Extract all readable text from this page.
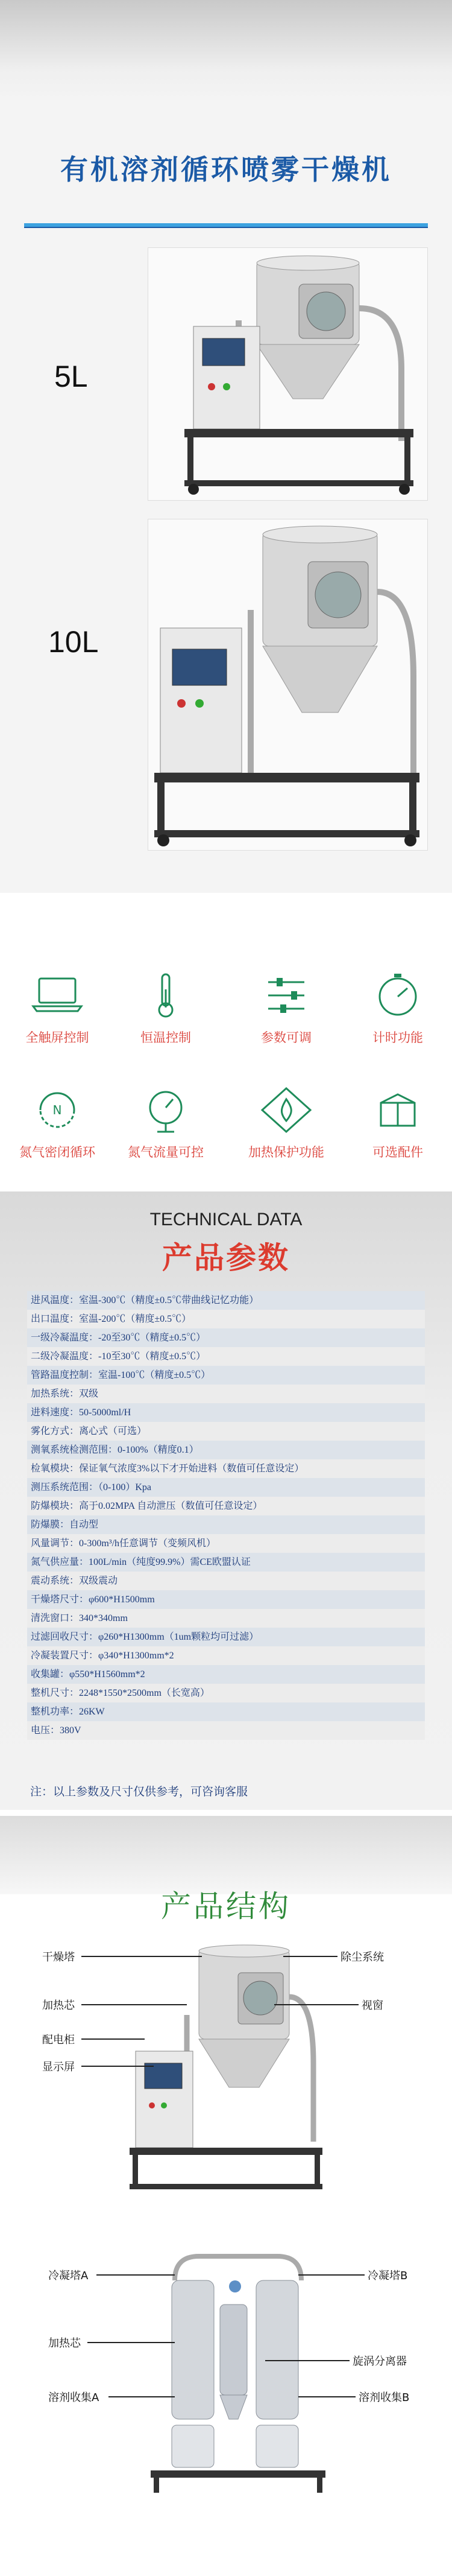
有机溶剂循环喷雾干燥机
5L
10L
全触屏控制	恒温控制	参数可调	计时功能
N
氮气密闭循环	氮气流量可控	加热保护功能	可选配件
TECHNICAL DATA
产品参数
进风温度：室温-300℃（精度±0.5℃带曲线记忆功能）
出口温度：室温-200℃（精度±0.5℃）
一级冷凝温度：-20至30℃（精度±0.5℃）
二级冷凝温度：-10至30℃（精度±0.5℃）
管路温度控制：室温-100℃（精度±0.5℃）
加热系统：双级
进料速度：50-5000ml/H
雾化方式：离心式（可选）
测氧系统检测范围：0-100%（精度0.1）
检氧模块：保证氧气浓度3%以下才开始进料（数值可任意设定）
测压系统范围：（0-100）Kpa
防爆模块：高于0.02MPA 自动泄压（数值可任意设定）
防爆膜：自动型
风量调节：0-300m³/h任意调节（变频风机）
氮气供应量：100L/min（纯度99.9%）需CE欧盟认证
震动系统：双级震动
干燥塔尺寸：φ600*H1500mm
清洗窗口：340*340mm
过滤回收尺寸：φ260*H1300mm（1um颗粒均可过滤）
冷凝装置尺寸：φ340*H1300mm*2
收集罐：φ550*H1560mm*2
整机尺寸：2248*1550*2500mm（长宽高）
整机功率：26KW
电压：380V
注：以上参数及尺寸仅供参考，可咨询客服
产品结构
干燥塔
加热芯
配电柜
显示屏
除尘系统
视窗
冷凝塔A
加热芯
溶剂收集A
冷凝塔B
旋涡分离器
溶剂收集B
